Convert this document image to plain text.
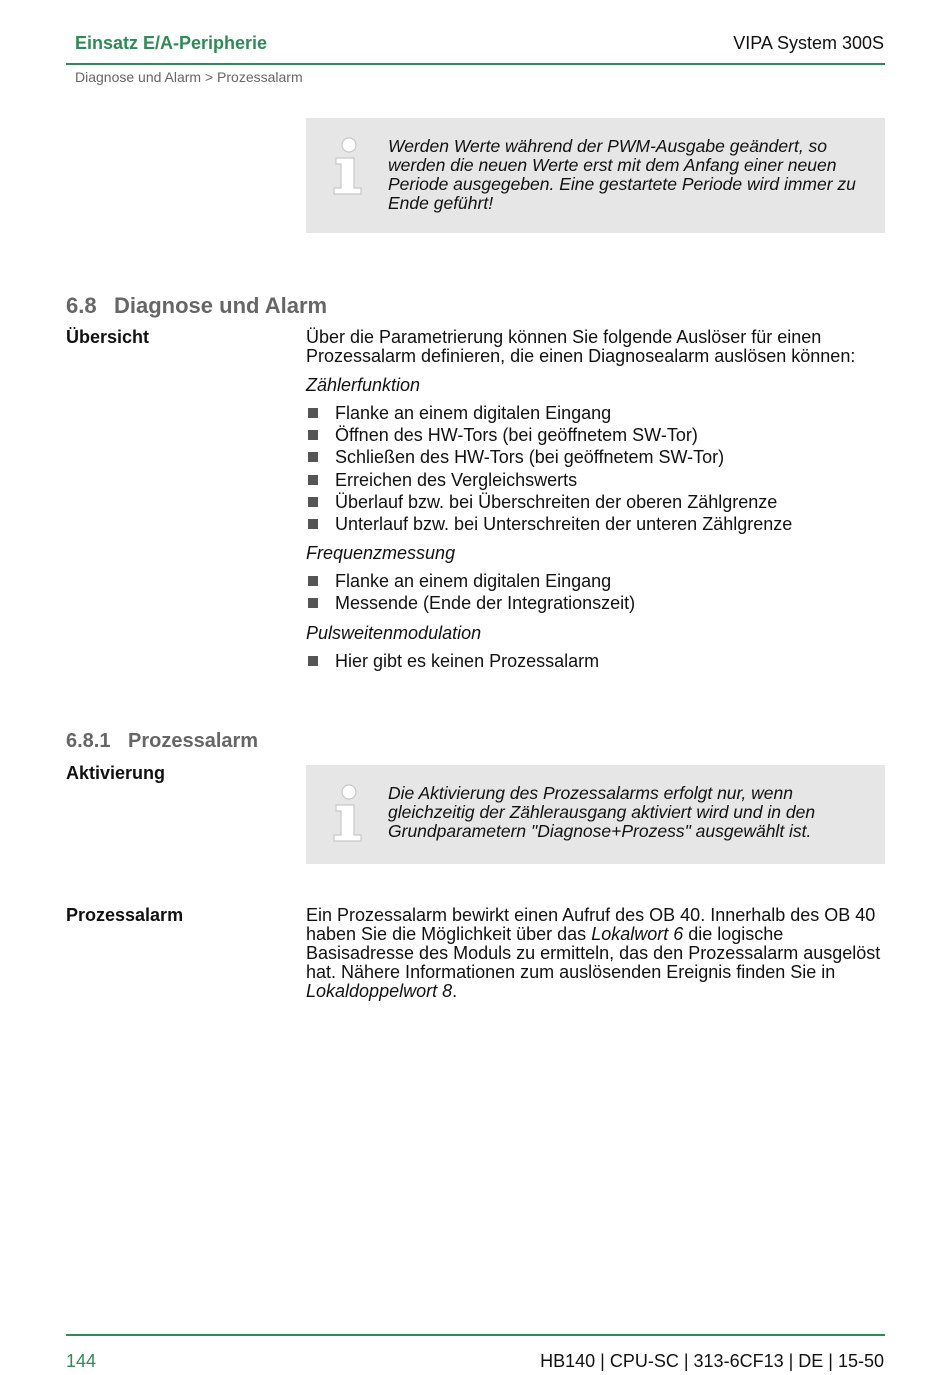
Einsatz E/A-Peripherie	VIPA System 300S
Diagnose und Alarm > Prozessalarm
Werden Werte während der PWM-Ausgabe geändert, so werden die neuen Werte erst mit dem Anfang einer neuen Periode ausgegeben. Eine gestartete Periode wird immer zu Ende geführt!
6.8 Diagnose und Alarm
Übersicht	Über die Parametrierung können Sie folgende Auslöser für einen Prozessalarm definieren, die einen Diagnosealarm auslösen können:

Zählerfunktion
Flanke an einem digitalen Eingang
Öffnen des HW-Tors (bei geöffnetem SW-Tor)
Schließen des HW-Tors (bei geöffnetem SW-Tor)
Erreichen des Vergleichswerts
Überlauf bzw. bei Überschreiten der oberen Zählgrenze
Unterlauf bzw. bei Unterschreiten der unteren Zählgrenze
Frequenzmessung
Flanke an einem digitalen Eingang
Messende (Ende der Integrationszeit)
Pulsweitenmodulation
Hier gibt es keinen Prozessalarm
6.8.1 Prozessalarm
Aktivierung
Die Aktivierung des Prozessalarms erfolgt nur, wenn gleichzeitig der Zählerausgang aktiviert wird und in den Grundparametern "Diagnose+Prozess" ausgewählt ist.
Prozessalarm	Ein Prozessalarm bewirkt einen Aufruf des OB 40. Innerhalb des OB 40 haben Sie die Möglichkeit über das Lokalwort 6 die logische Basisadresse des Moduls zu ermitteln, das den Prozessalarm ausgelöst hat. Nähere Informationen zum auslösenden Ereignis finden Sie in Lokaldoppelwort 8.

144	HB140 | CPU-SC | 313-6CF13 | DE | 15-50
